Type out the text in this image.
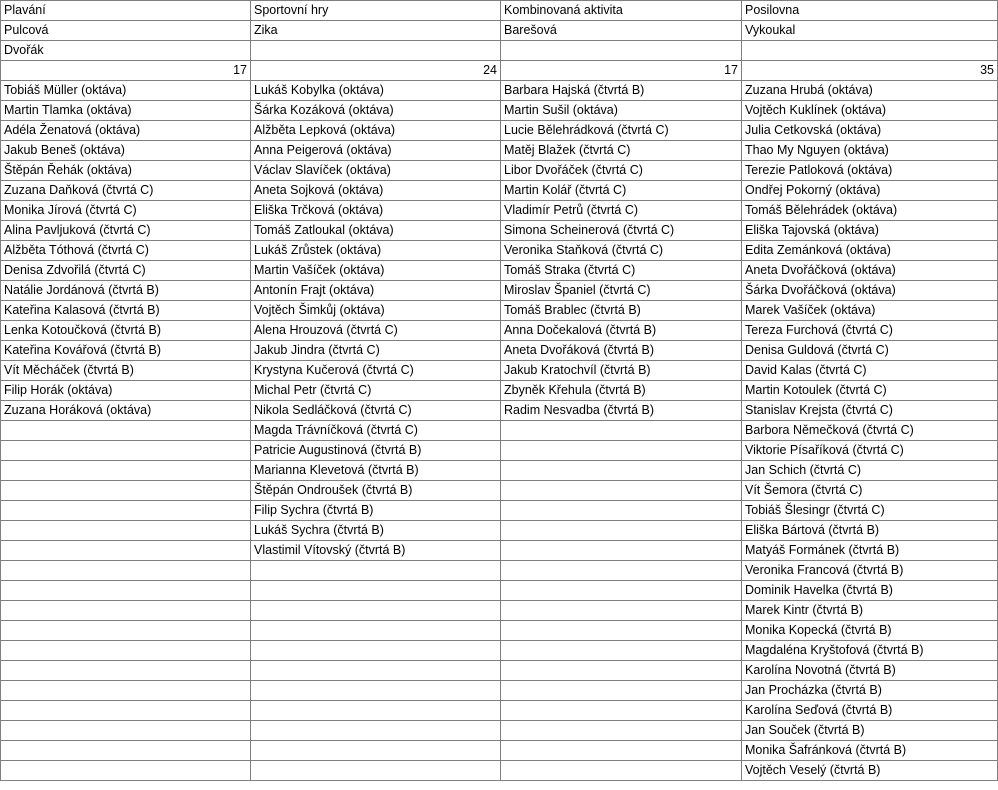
Plavání	Sportovní hry	Kombinovaná aktivita	Posilovna
Pulcová	Zika	Barešová	Vykoukal
Dvořák			
17	24	17	35
Tobiáš Müller (oktáva)	Lukáš Kobylka (oktáva)	Barbara Hajská (čtvrtá B)	Zuzana Hrubá (oktáva)
Martin Tlamka (oktáva)	Šárka Kozáková (oktáva)	Martin Sušil (oktáva)	Vojtěch Kuklínek (oktáva)
Adéla Ženatová (oktáva)	Alžběta Lepková (oktáva)	Lucie Bělehrádková (čtvrtá C)	Julia Cetkovská (oktáva)
Jakub Beneš (oktáva)	Anna Peigerová (oktáva)	Matěj Blažek (čtvrtá C)	Thao My Nguyen (oktáva)
Štěpán Řehák (oktáva)	Václav Slavíček (oktáva)	Libor Dvořáček (čtvrtá C)	Terezie Patloková (oktáva)
Zuzana Daňková (čtvrtá C)	Aneta Sojková (oktáva)	Martin Kolář (čtvrtá C)	Ondřej Pokorný (oktáva)
Monika Jírová (čtvrtá C)	Eliška Trčková (oktáva)	Vladimír Petrů (čtvrtá C)	Tomáš Bělehrádek (oktáva)
Alina Pavljuková (čtvrtá C)	Tomáš Zatloukal (oktáva)	Simona Scheinerová (čtvrtá C)	Eliška Tajovská (oktáva)
Alžběta Tóthová (čtvrtá C)	Lukáš Zrůstek (oktáva)	Veronika Staňková (čtvrtá C)	Edita Zemánková (oktáva)
Denisa Zdvořilá (čtvrtá C)	Martin Vašíček (oktáva)	Tomáš Straka (čtvrtá C)	Aneta Dvořáčková (oktáva)
Natálie Jordánová (čtvrtá B)	Antonín Frajt (oktáva)	Miroslav Španiel (čtvrtá C)	Šárka Dvořáčková (oktáva)
Kateřina Kalasová (čtvrtá B)	Vojtěch Šimkůj (oktáva)	Tomáš Brablec (čtvrtá B)	Marek Vašíček (oktáva)
Lenka Kotoučková (čtvrtá B)	Alena Hrouzová (čtvrtá C)	Anna Dočekalová (čtvrtá B)	Tereza Furchová (čtvrtá C)
Kateřina Kovářová (čtvrtá B)	Jakub Jindra (čtvrtá C)	Aneta Dvořáková (čtvrtá B)	Denisa Guldová (čtvrtá C)
Vít Měcháček (čtvrtá B)	Krystyna Kučerová (čtvrtá C)	Jakub Kratochvíl (čtvrtá B)	David Kalas (čtvrtá C)
Filip Horák (oktáva)	Michal Petr (čtvrtá C)	Zbyněk Křehula (čtvrtá B)	Martin Kotoulek (čtvrtá C)
Zuzana Horáková (oktáva)	Nikola Sedláčková (čtvrtá C)	Radim Nesvadba (čtvrtá B)	Stanislav Krejsta (čtvrtá C)
	Magda Trávníčková (čtvrtá C)		Barbora Němečková (čtvrtá C)
	Patricie Augustinová (čtvrtá B)		Viktorie Písaříková (čtvrtá C)
	Marianna Klevetová (čtvrtá B)		Jan Schich (čtvrtá C)
	Štěpán Ondroušek (čtvrtá B)		Vít Šemora (čtvrtá C)
	Filip Sychra (čtvrtá B)		Tobiáš Šlesingr (čtvrtá C)
	Lukáš Sychra (čtvrtá B)		Eliška Bártová (čtvrtá B)
	Vlastimil Vítovský (čtvrtá B)		Matyáš Formánek (čtvrtá B)
			Veronika Francová (čtvrtá B)
			Dominik Havelka (čtvrtá B)
			Marek Kintr (čtvrtá B)
			Monika Kopecká (čtvrtá B)
			Magdaléna Kryštofová (čtvrtá B)
			Karolína Novotná (čtvrtá B)
			Jan Procházka (čtvrtá B)
			Karolína Seďová (čtvrtá B)
			Jan Souček (čtvrtá B)
			Monika Šafránková (čtvrtá B)
			Vojtěch Veselý (čtvrtá B)
